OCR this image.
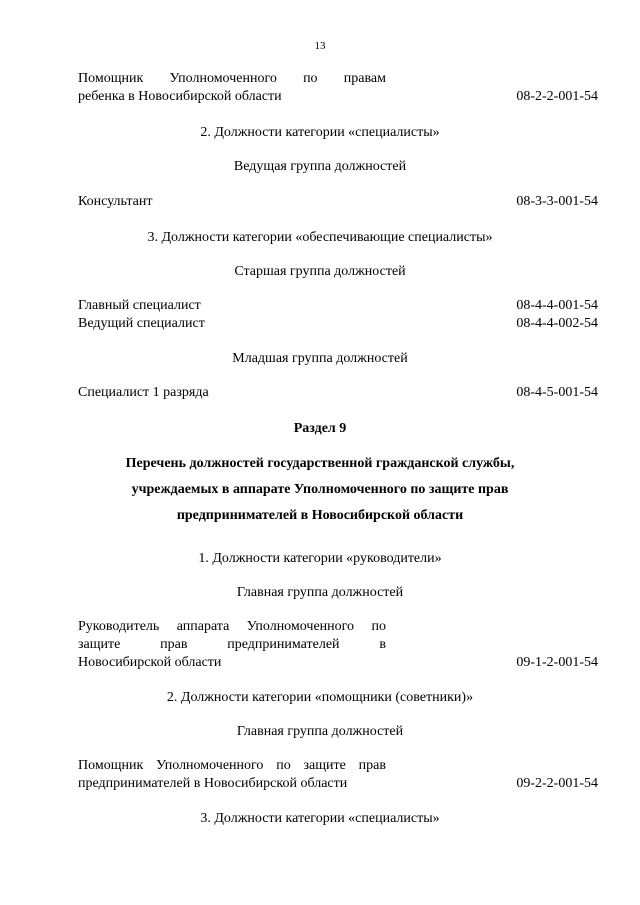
13
Помощник Уполномоченного по правам
ребенка в Новосибирской области	08-2-2-001-54
2. Должности категории «специалисты»
Ведущая группа должностей
Консультант	08-3-3-001-54
3. Должности категории «обеспечивающие специалисты»
Старшая группа должностей
Главный специалист	08-4-4-001-54
Ведущий специалист	08-4-4-002-54
Младшая группа должностей
Специалист 1 разряда	08-4-5-001-54
Раздел 9
Перечень должностей государственной гражданской службы,
учреждаемых в аппарате Уполномоченного по защите прав
предпринимателей в Новосибирской области
1. Должности категории «руководители»
Главная группа должностей
Руководитель аппарата Уполномоченного по
защите	прав	предпринимателей	в
Новосибирской области	09-1-2-001-54
2. Должности категории «помощники (советники)»
Главная группа должностей
Помощник Уполномоченного по защите прав
предпринимателей в Новосибирской области	09-2-2-001-54
3. Должности категории «специалисты»
